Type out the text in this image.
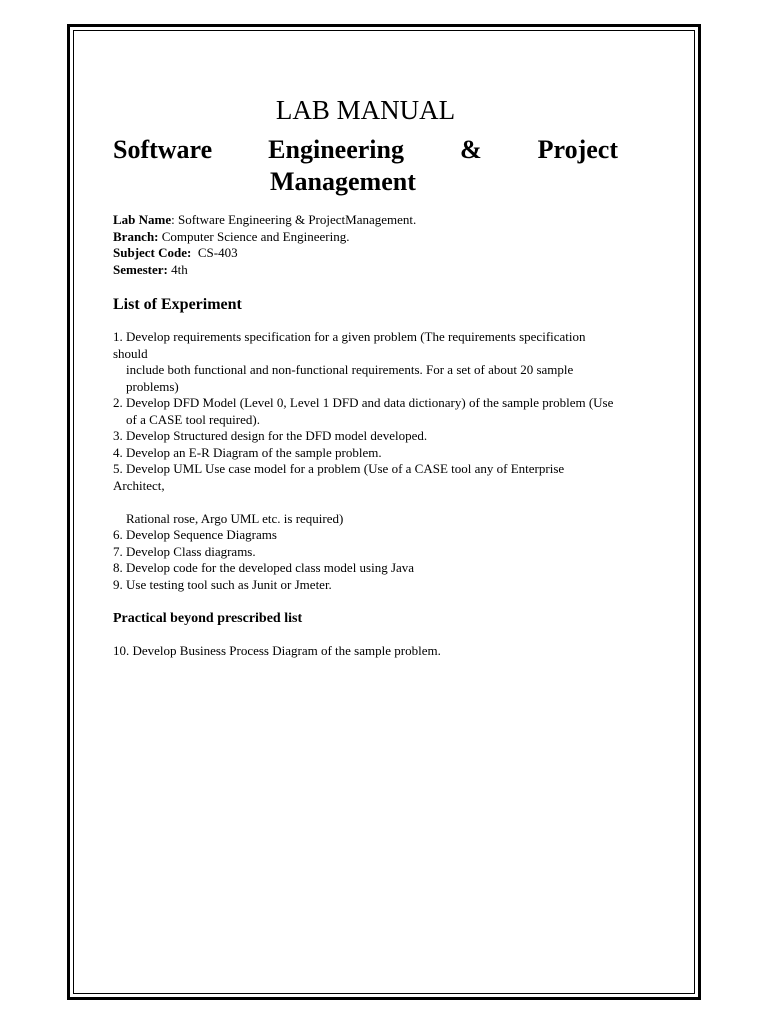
LAB MANUAL
Software Engineering & Project
Management
Lab Name: Software Engineering & ProjectManagement.
Branch: Computer Science and Engineering.
Subject Code:  CS-403
Semester: 4th
List of Experiment
1. Develop requirements specification for a given problem (The requirements specification
should
include both functional and non-functional requirements. For a set of about 20 sample
problems)
2. Develop DFD Model (Level 0, Level 1 DFD and data dictionary) of the sample problem (Use
of a CASE tool required).
3. Develop Structured design for the DFD model developed.
4. Develop an E-R Diagram of the sample problem.
5. Develop UML Use case model for a problem (Use of a CASE tool any of Enterprise Architect,
Rational rose, Argo UML etc. is required)
6. Develop Sequence Diagrams
7. Develop Class diagrams.
8. Develop code for the developed class model using Java
9. Use testing tool such as Junit or Jmeter.
Practical beyond prescribed list
10. Develop Business Process Diagram of the sample problem.
